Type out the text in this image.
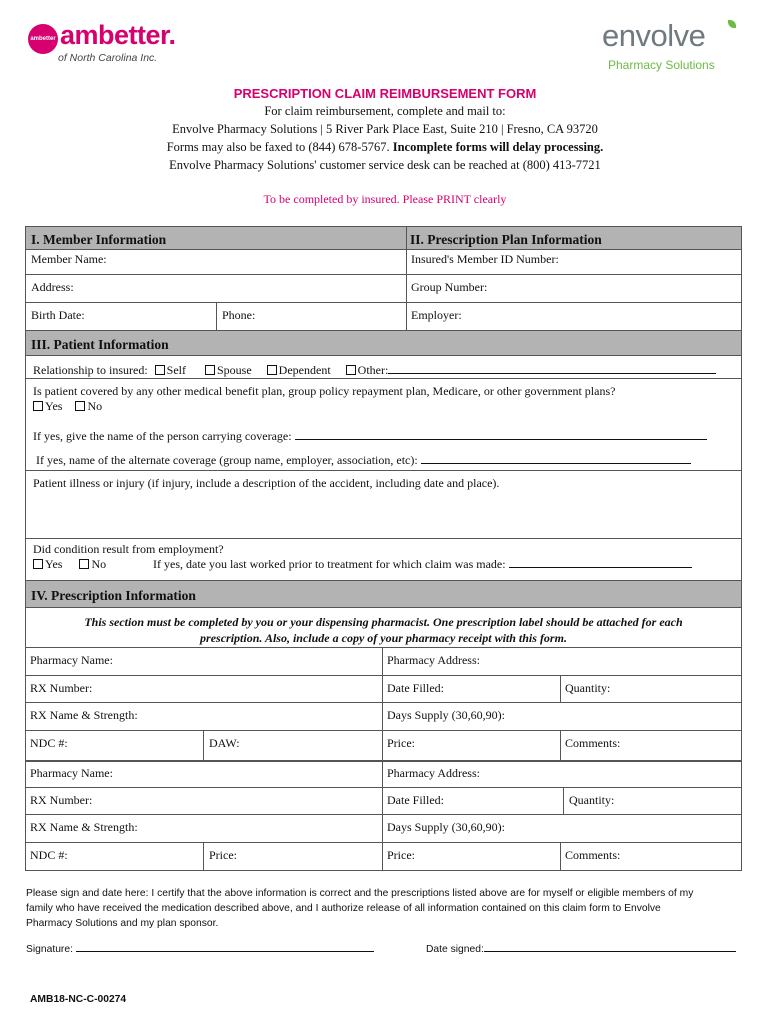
ambetter ambetter.
of North Carolina Inc.
envolve
Pharmacy Solutions
PRESCRIPTION CLAIM REIMBURSEMENT FORM
For claim reimbursement, complete and mail to:
Envolve Pharmacy Solutions | 5 River Park Place East, Suite 210 | Fresno, CA 93720
Forms may also be faxed to (844) 678-5767. Incomplete forms will delay processing.
Envolve Pharmacy Solutions' customer service desk can be reached at (800) 413-7721
To be completed by insured. Please PRINT clearly
I. Member Information	II. Prescription Plan Information
Member Name:	Insured's Member ID Number:
Address:	Group Number:
Birth Date:	Phone:	Employer:
III. Patient Information
Relationship to insured: Self	Spouse Dependent Other:
Is patient covered by any other medical benefit plan, group policy repayment plan, Medicare, or other government plans?
Yes No
If yes, give the name of the person carrying coverage:
If yes, name of the alternate coverage (group name, employer, association, etc):
Patient illness or injury (if injury, include a description of the accident, including date and place).
Did condition result from employment?
Yes No	If yes, date you last worked prior to treatment for which claim was made:
IV. Prescription Information
This section must be completed by you or your dispensing pharmacist. One prescription label should be attached for each
prescription. Also, include a copy of your pharmacy receipt with this form.
Pharmacy Name:	Pharmacy Address:
RX Number:	Date Filled:	Quantity:
RX Name & Strength:	Days Supply (30,60,90):
NDC #:	DAW:	Price:	Comments:
Pharmacy Name:	Pharmacy Address:
RX Number:	Date Filled:	Quantity:
RX Name & Strength:	Days Supply (30,60,90):
NDC #:	Price:	Price:	Comments:
Please sign and date here: I certify that the above information is correct and the prescriptions listed above are for myself or eligible members of my
family who have received the medication described above, and I authorize release of all information contained on this claim form to Envolve
Pharmacy Solutions and my plan sponsor.
Signature:	Date signed:
AMB18-NC-C-00274
